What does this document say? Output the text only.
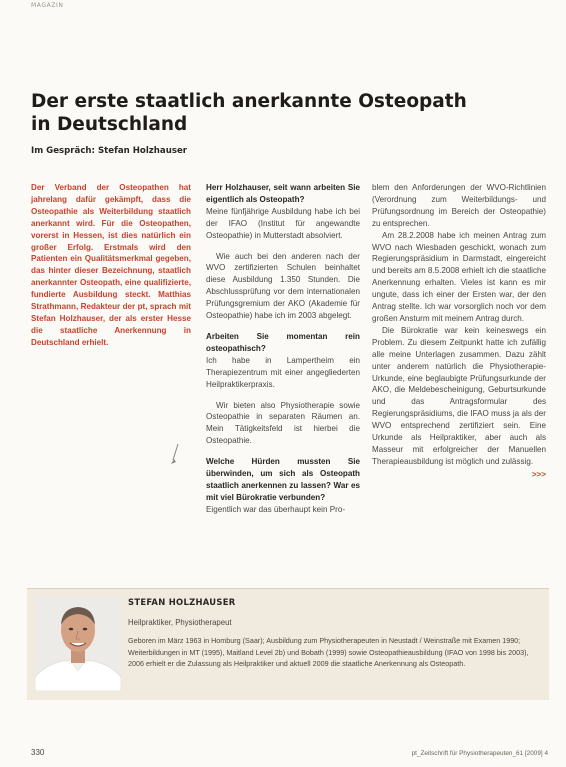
MAGAZIN
Der erste staatlich anerkannte Osteopath
in Deutschland
Im Gespräch: Stefan Holzhauser

Der Verband der Osteopathen hat jahrelang dafür gekämpft, dass die Osteopathie als Weiterbildung staatlich anerkannt wird. Für die Osteopathen, vorerst in Hessen, ist dies natürlich ein großer Erfolg. Erstmals wird den Patienten ein Qualitätsmerkmal gegeben, das hinter dieser Bezeichnung, staatlich anerkannter Osteopath, eine qualifizierte, fundierte Ausbildung steckt. Matthias Strathmann, Redakteur der pt, sprach mit Stefan Holzhauser, der als erster Hesse die staatliche Anerkennung in Deutschland erhielt.

Herr Holzhauser, seit wann arbeiten Sie eigentlich als Osteopath?

Meine fünfjährige Ausbildung habe ich bei der IFAO (Institut für angewandte Osteopathie) in Mutterstadt absolviert.

Wie auch bei den anderen nach der WVO zertifizierten Schulen beinhaltet diese Ausbildung 1.350 Stunden. Die Abschlussprüfung vor dem internationalen Prüfungsgremium der AKO (Akademie für Osteopathie) habe ich im 2003 abgelegt.

Arbeiten Sie momentan rein osteopathisch?

Ich habe in Lampertheim ein Therapiezentrum mit einer angegliederten Heilpraktikerpraxis.

Wir bieten also Physiotherapie sowie Osteopathie in separaten Räumen an. Mein Tätigkeitsfeld ist hierbei die Osteopathie.

Welche Hürden mussten Sie überwinden, um sich als Osteopath staatlich anerkennen zu lassen? War es mit viel Bürokratie verbunden?

Eigentlich war das überhaupt kein Pro-

blem den Anforderungen der WVO-Richtlinien (Verordnung zum Weiterbildungs- und Prüfungsordnung im Bereich der Osteopathie) zu entsprechen.

Am 28.2.2008 habe ich meinen Antrag zum WVO nach Wiesbaden geschickt, wonach zum Regierungspräsidium in Darmstadt, eingereicht und bereits am 8.5.2008 erhielt ich die staatliche Anerkennung erhalten. Vieles ist kann es mir ungute, dass ich einer der Ersten war, der den Antrag stellte. Ich war vorsorglich noch vor dem großen Ansturm mit meinem Antrag durch.

Die Bürokratie war kein keineswegs ein Problem. Zu diesem Zeitpunkt hatte ich zufällig alle meine Unterlagen zusammen. Dazu zählt unter anderem natürlich die Physiotherapie-Urkunde, eine beglaubigte Prüfungsurkunde der AKO, die Meldebescheinigung, Geburtsurkunde und das Antragsformular des Regierungspräsidiums, die IFAO muss ja als der WVO entsprechend zertifiziert sein. Eine Urkunde als Heilpraktiker, aber auch als Masseur mit erfolgreicher der Manuellen Therapieausbildung ist möglich und zulässig.

>>>
STEFAN HOLZHAUSER
Heilpraktiker, Physiotherapeut

Geboren im März 1963 in Homburg (Saar); Ausbildung zum Physiotherapeuten in Neustadt / Weinstraße mit Examen 1990; Weiterbildungen in MT (1995), Maitland Level 2b) und Bobath (1999) sowie Osteopathieausbildung (IFAO von 1998 bis 2003), 2006 erhielt er die Zulassung als Heilpraktiker und aktuell 2009 die staatliche Anerkennung als Osteopath.

330	pt_Zeitschrift für Physiotherapeuten_61 [2009] 4
